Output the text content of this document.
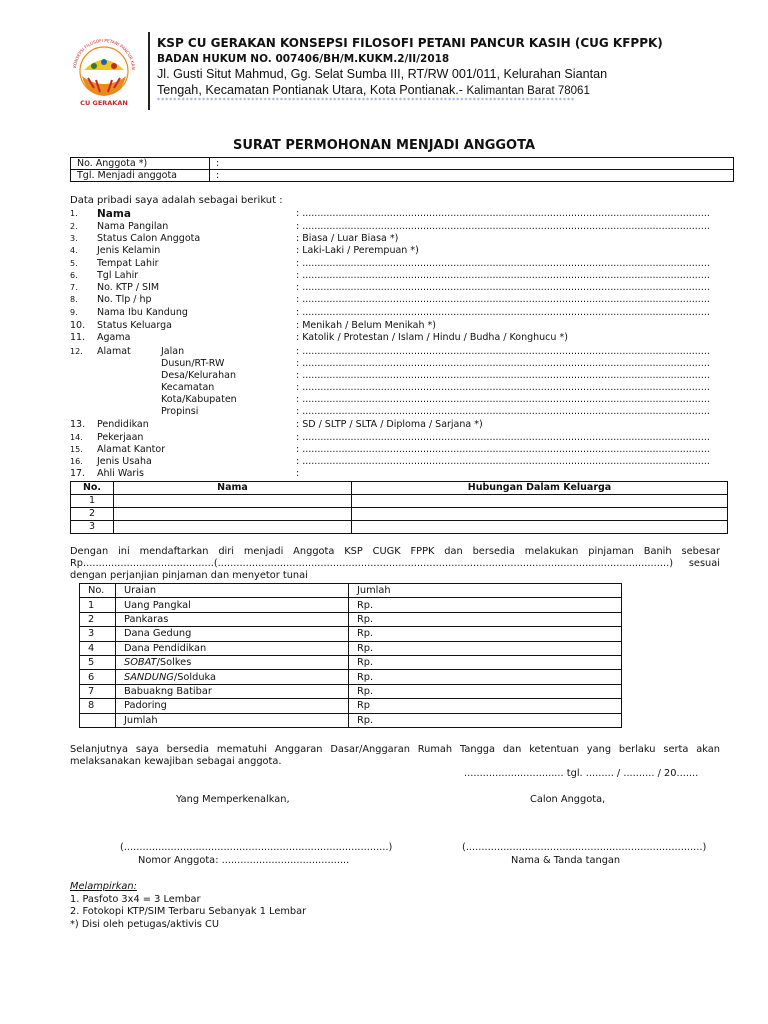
KONSEPSI FILOSOFI PETANI PANCUR KASI
CU GERAKAN
KSP CU GERAKAN KONSEPSI FILOSOFI PETANI PANCUR KASIH (CUG KFPPK)
BADAN HUKUM NO. 007406/BH/M.KUKM.2/II/2018
Jl. Gusti Situt Mahmud, Gg. Selat Sumba III, RT/RW 001/011, Kelurahan Siantan
Tengah, Kecamatan Pontianak Utara, Kota Pontianak.- Kalimantan Barat 78061
******************************************************************************************************
SURAT PERMOHONAN MENJADI ANGGOTA
No. Anggota *)	:
Tgl. Menjadi anggota	:
Data pribadi saya adalah sebagai berikut :
1.	Nama	: .......................................................................................................................................
2.	Nama Pangilan	: .......................................................................................................................................
3.	Status Calon Anggota	: Biasa / Luar Biasa *)
4.	Jenis Kelamin	: Laki-Laki / Perempuan *)
5.	Tempat Lahir	: .......................................................................................................................................
6.	Tgl Lahir	: .......................................................................................................................................
7.	No. KTP / SIM	: .......................................................................................................................................
8.	No. Tlp / hp	: .......................................................................................................................................
9.	Nama Ibu Kandung	: .......................................................................................................................................
10.	Status Keluarga	: Menikah / Belum Menikah *)
11.	Agama	: Katolik / Protestan / Islam / Hindu / Budha / Konghucu *)
12.	Alamat	Jalan	: .......................................................................................................................................
Dusun/RT-RW	: .......................................................................................................................................
Desa/Kelurahan	: .......................................................................................................................................
Kecamatan	: .......................................................................................................................................
Kota/Kabupaten	: .......................................................................................................................................
Propinsi	: .......................................................................................................................................
13.	Pendidikan	: SD / SLTP / SLTA / Diploma / Sarjana *)
14.	Pekerjaan	: .......................................................................................................................................
15.	Alamat Kantor	: .......................................................................................................................................
16.	Jenis Usaha	: .......................................................................................................................................
17.	Ahli Waris	:
No.	Nama	Hubungan Dalam Keluarga
1		
2		
3		
Dengan ini mendaftarkan diri menjadi Anggota KSP CUGK FPPK dan bersedia melakukan pinjaman Banih sebesar Rp..........................................(.................................................................................................................................................) sesuai dengan perjanjian pinjaman dan menyetor tunai
No.	Uraian	Jumlah
1	Uang Pangkal	Rp.
2	Pankaras	Rp.
3	Dana Gedung	Rp.
4	Dana Pendidikan	Rp.
5	SOBAT/Solkes	Rp.
6	SANDUNG/Solduka	Rp.
7	Babuakng Batibar	Rp.
8	Padoring	Rp
	Jumlah	Rp.
Selanjutnya saya bersedia mematuhi Anggaran Dasar/Anggaran Rumah Tangga dan ketentuan yang berlaku serta akan melaksanakan kewajiban sebagai anggota.
................................ tgl. ......... / .......... / 20.......
Yang Memperkenalkan,	Calon Anggota,
(.....................................................................................)	(............................................................................)
Nomor Anggota: .........................................	Nama & Tanda tangan
Melampirkan:
1. Pasfoto 3x4 = 3 Lembar
2. Fotokopi KTP/SIM Terbaru Sebanyak 1 Lembar
*) Disi oleh petugas/aktivis CU
